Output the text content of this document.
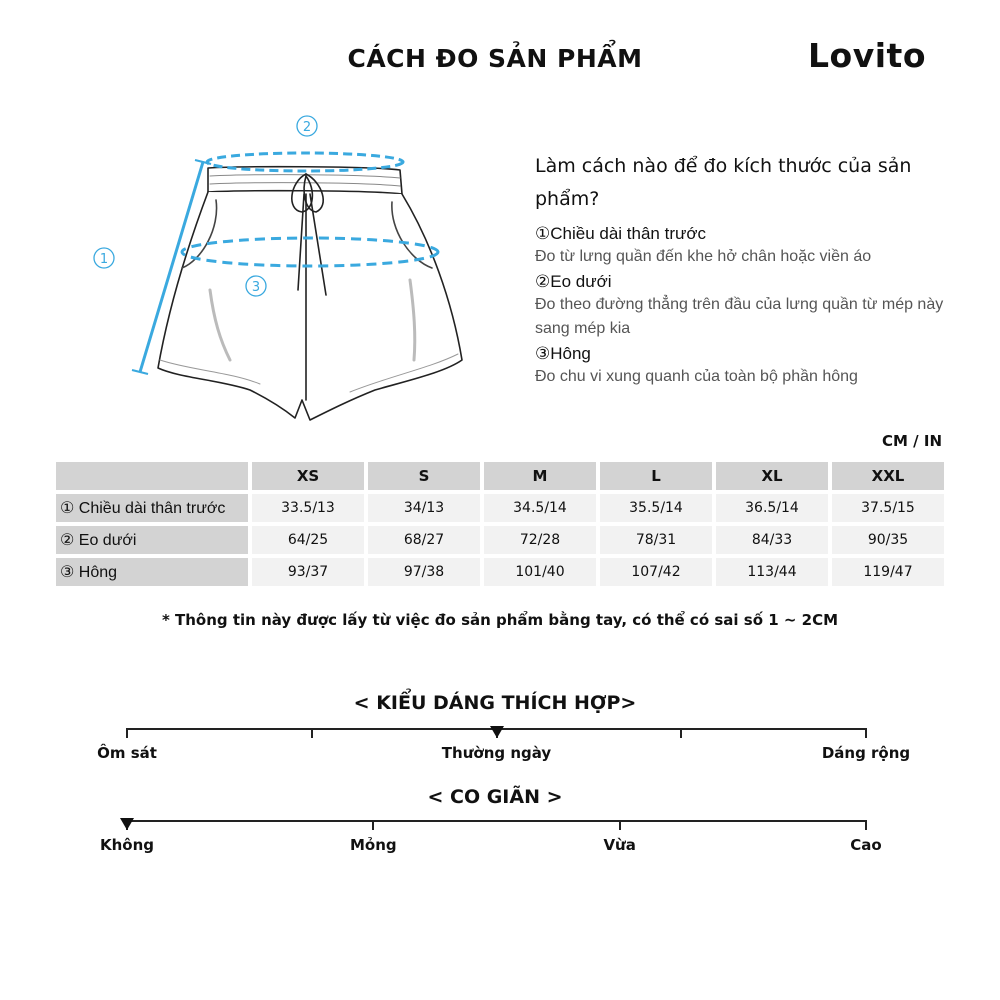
CÁCH ĐO SẢN PHẨM	Lovito
2
1
3
Làm cách nào để đo kích thước của sản phẩm?
①Chiều dài thân trước
Đo từ lưng quần đến khe hở chân hoặc viền áo
②Eo dưới
Đo theo đường thẳng trên đầu của lưng quần từ mép này sang mép kia
③Hông
Đo chu vi xung quanh của toàn bộ phần hông
CM / IN
	XS	S	M	L	XL	XXL
① Chiều dài thân trước	33.5/13	34/13	34.5/14	35.5/14	36.5/14	37.5/15
② Eo dưới	64/25	68/27	72/28	78/31	84/33	90/35
③ Hông	93/37	97/38	101/40	107/42	113/44	119/47
* Thông tin này được lấy từ việc đo sản phẩm bằng tay, có thể có sai số 1 ~ 2CM
< KIỂU DÁNG THÍCH HỢP>
Ôm sát	Thường ngày	Dáng rộng
< CO GIÃN >
Không	Mỏng	Vừa	Cao
